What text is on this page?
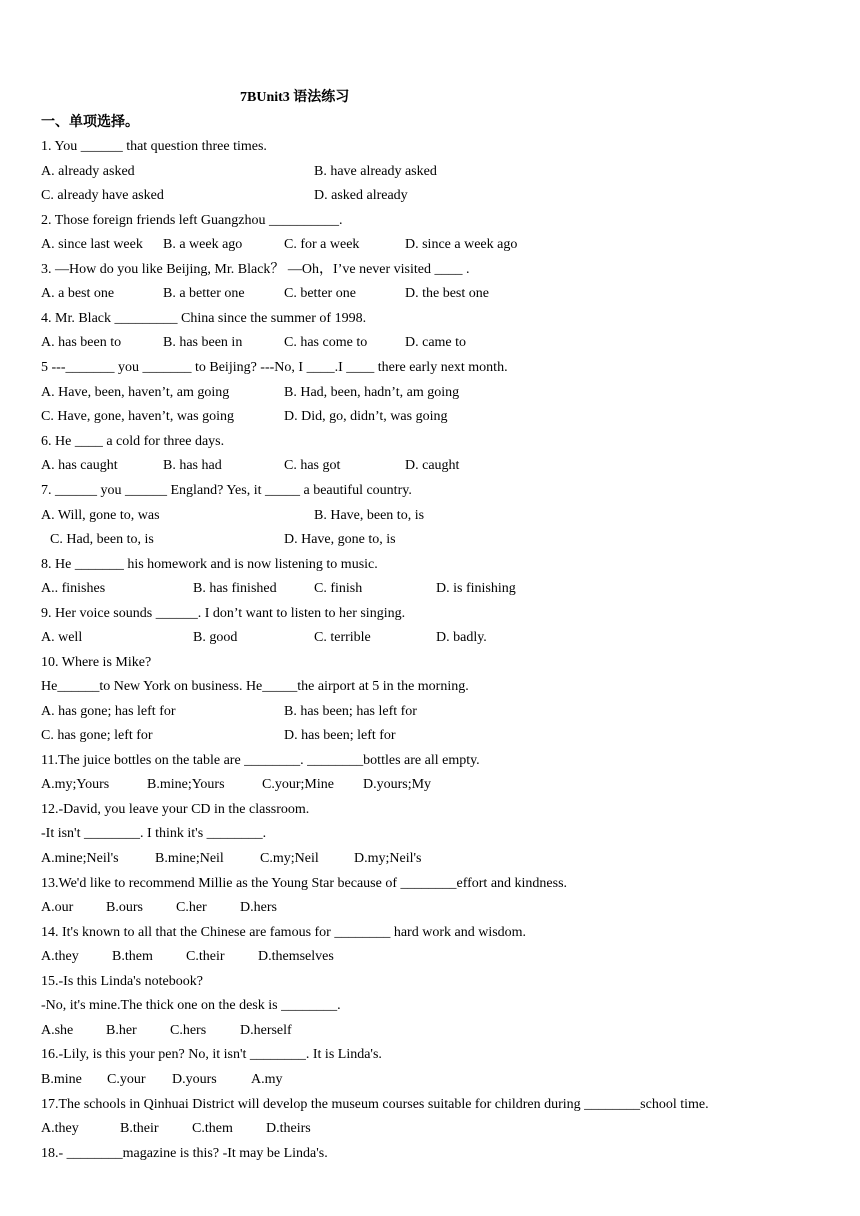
7BUnit3 语法练习
一、单项选择。
1. You ______ that question three times.
A. already asked	B. have already asked
C. already have asked	D. asked already
2. Those foreign friends left Guangzhou __________.
A. since last week B. a week ago	C. for a week	D. since a week ago
3. —How do you like Beijing, Mr. Black？ —Oh，I’ve never visited ____ .
A. a best one	B. a better one	C. better one	D. the best one
4. Mr. Black _________ China since the summer of 1998.
A. has been to	B. has been in	C. has come to	D. came to
5 ---_______ you _______ to Beijing? ---No, I ____.I ____ there early next month.
A. Have, been, haven’t, am going	B. Had, been, hadn’t, am going
C. Have, gone, haven’t, was going	D. Did, go, didn’t, was going
6. He ____ a cold for three days.
A. has caught	B. has had	C. has got	D. caught
7. ______ you ______ England? Yes, it _____ a beautiful country.
A. Will, gone to, was	B. Have, been to, is
C. Had, been to, is	D. Have, gone to, is
8. He _______ his homework and is now listening to music.
A.. finishes	B. has finished	C. finish	D. is finishing
9. Her voice sounds ______. I don’t want to listen to her singing.
A. well	B. good	C. terrible	D. badly.
10. Where is Mike?
He______to New York on business. He_____the airport at 5 in the morning.
A. has gone; has left for	B. has been; has left for
C. has gone; left for	D. has been; left for
11.The juice bottles on the table are ________. ________bottles are all empty.
A.my;Yours	B.mine;Yours	C.your;Mine D.yours;My
12.-David, you leave your CD in the classroom.
-It isn't ________. I think it's ________.
A.mine;Neil's	B.mine;Neil	C.my;Neil	D.my;Neil's
13.We'd like to recommend Millie as the Young Star because of ________effort and kindness.
A.our B.ours C.her D.hers
14. It's known to all that the Chinese are famous for ________ hard work and wisdom.
A.they B.them C.their D.themselves
15.-Is this Linda's notebook?
-No, it's mine.The thick one on the desk is ________.
A.she B.her C.hers D.herself
16.-Lily, is this your pen? No, it isn't ________. It is Linda's.
B.mine C.your D.yours A.my
17.The schools in Qinhuai District will develop the museum courses suitable for children during ________school time.
A.they	B.their C.them D.theirs
18.- ________magazine is this? -It may be Linda's.
